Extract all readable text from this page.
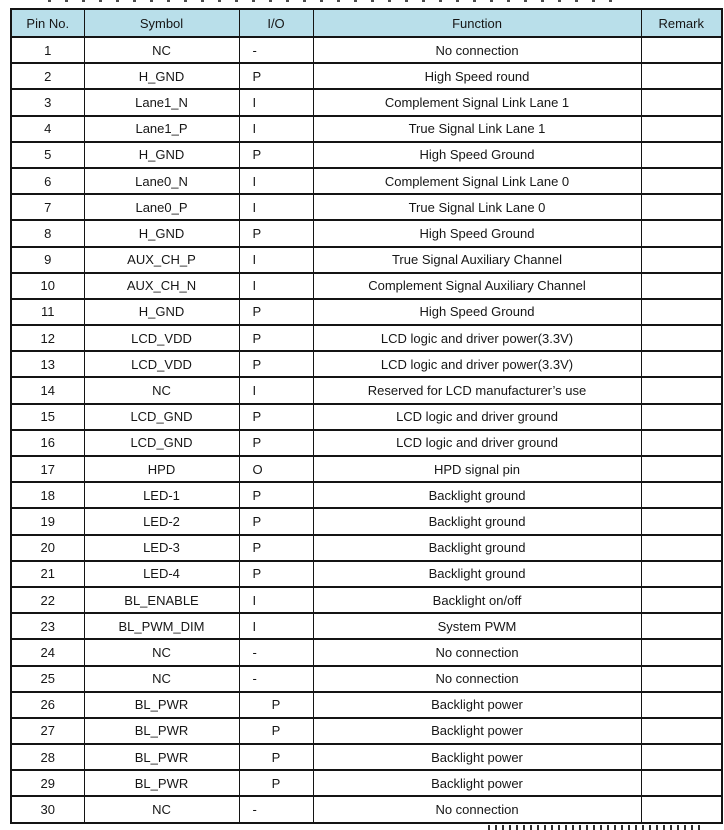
Pin No.	Symbol	I/O	Function	Remark
1	NC	-	No connection	
2	H_GND	P	High Speed round	
3	Lane1_N	I	Complement Signal Link Lane 1	
4	Lane1_P	I	True Signal Link Lane 1	
5	H_GND	P	High Speed Ground	
6	Lane0_N	I	Complement Signal Link Lane 0	
7	Lane0_P	I	True Signal Link Lane 0	
8	H_GND	P	High Speed Ground	
9	AUX_CH_P	I	True Signal Auxiliary Channel	
10	AUX_CH_N	I	Complement Signal Auxiliary Channel	
11	H_GND	P	High Speed Ground	
12	LCD_VDD	P	LCD logic and driver power(3.3V)	
13	LCD_VDD	P	LCD logic and driver power(3.3V)	
14	NC	I	Reserved for LCD manufacturer’s use	
15	LCD_GND	P	LCD logic and driver ground	
16	LCD_GND	P	LCD logic and driver ground	
17	HPD	O	HPD signal pin	
18	LED-1	P	Backlight ground	
19	LED-2	P	Backlight ground	
20	LED-3	P	Backlight ground	
21	LED-4	P	Backlight ground	
22	BL_ENABLE	I	Backlight on/off	
23	BL_PWM_DIM	I	System PWM	
24	NC	-	No connection	
25	NC	-	No connection	
26	BL_PWR	P	Backlight power	
27	BL_PWR	P	Backlight power	
28	BL_PWR	P	Backlight power	
29	BL_PWR	P	Backlight power	
30	NC	-	No connection	
